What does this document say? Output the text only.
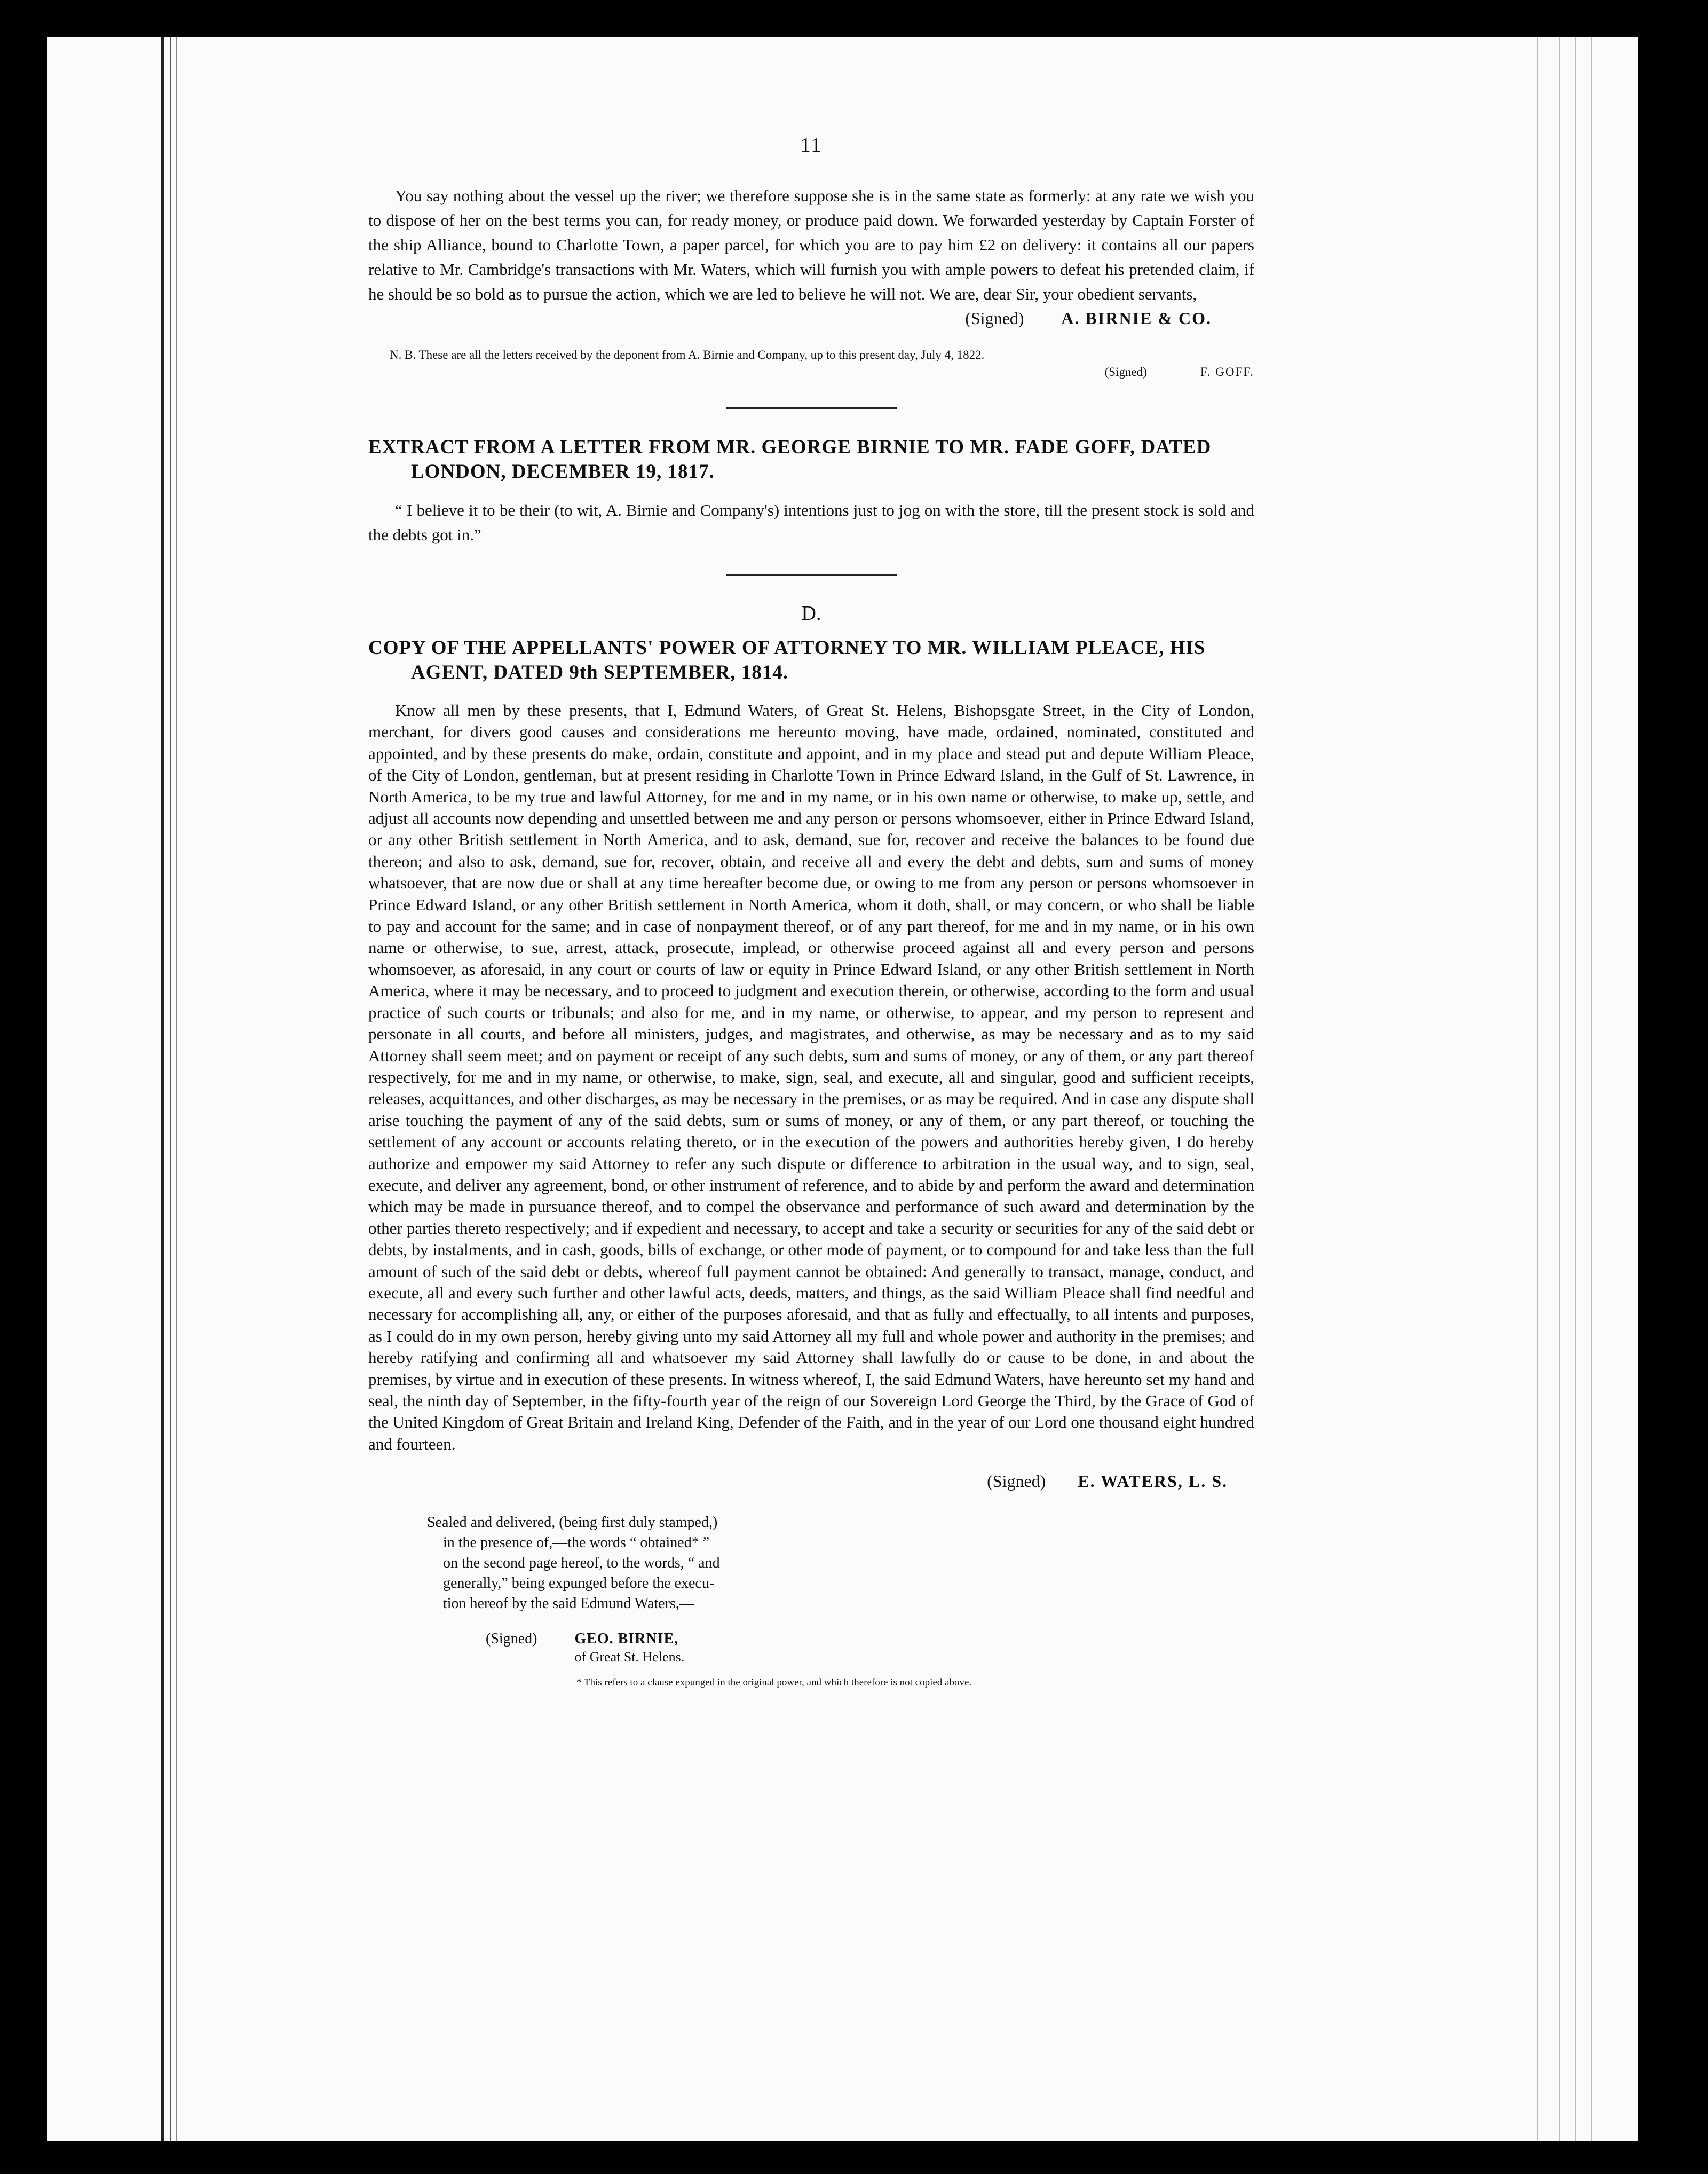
11

You say nothing about the vessel up the river; we therefore suppose she is in the same state as formerly: at any rate we wish you to dispose of her on the best terms you can, for ready money, or produce paid down. We forwarded yesterday by Captain Forster of the ship Alliance, bound to Charlotte Town, a paper parcel, for which you are to pay him £2 on delivery: it contains all our papers relative to Mr. Cambridge's transactions with Mr. Waters, which will furnish you with ample powers to defeat his pretended claim, if he should be so bold as to pursue the action, which we are led to believe he will not. We are, dear Sir, your obedient servants,

(Signed) A. BIRNIE & CO.
N. B. These are all the letters received by the deponent from A. Birnie and Company, up to this present day, July 4, 1822.
(Signed)	F. GOFF.
EXTRACT FROM A LETTER FROM MR. GEORGE BIRNIE TO MR. FADE GOFF, DATED
LONDON, DECEMBER 19, 1817.

“ I believe it to be their (to wit, A. Birnie and Company's) intentions just to jog on with the store, till the present stock is sold and the debts got in.”

D.
COPY OF THE APPELLANTS' POWER OF ATTORNEY TO MR. WILLIAM PLEACE, HIS
AGENT, DATED 9th SEPTEMBER, 1814.

Know all men by these presents, that I, Edmund Waters, of Great St. Helens, Bishopsgate Street, in the City of London, merchant, for divers good causes and considerations me hereunto moving, have made, ordained, nominated, constituted and appointed, and by these presents do make, ordain, constitute and appoint, and in my place and stead put and depute William Pleace, of the City of London, gentleman, but at present residing in Charlotte Town in Prince Edward Island, in the Gulf of St. Lawrence, in North America, to be my true and lawful Attorney, for me and in my name, or in his own name or otherwise, to make up, settle, and adjust all accounts now depending and unsettled between me and any person or persons whomsoever, either in Prince Edward Island, or any other British settlement in North America, and to ask, demand, sue for, recover and receive the balances to be found due thereon; and also to ask, demand, sue for, recover, obtain, and receive all and every the debt and debts, sum and sums of money whatsoever, that are now due or shall at any time hereafter become due, or owing to me from any person or persons whomsoever in Prince Edward Island, or any other British settlement in North America, whom it doth, shall, or may concern, or who shall be liable to pay and account for the same; and in case of nonpayment thereof, or of any part thereof, for me and in my name, or in his own name or otherwise, to sue, arrest, attack, prosecute, implead, or otherwise proceed against all and every person and persons whomsoever, as aforesaid, in any court or courts of law or equity in Prince Edward Island, or any other British settlement in North America, where it may be necessary, and to proceed to judgment and execution therein, or otherwise, according to the form and usual practice of such courts or tribunals; and also for me, and in my name, or otherwise, to appear, and my person to represent and personate in all courts, and before all ministers, judges, and magistrates, and otherwise, as may be necessary and as to my said Attorney shall seem meet; and on payment or receipt of any such debts, sum and sums of money, or any of them, or any part thereof respectively, for me and in my name, or otherwise, to make, sign, seal, and execute, all and singular, good and sufficient receipts, releases, acquittances, and other discharges, as may be necessary in the premises, or as may be required. And in case any dispute shall arise touching the payment of any of the said debts, sum or sums of money, or any of them, or any part thereof, or touching the settlement of any account or accounts relating thereto, or in the execution of the powers and authorities hereby given, I do hereby authorize and empower my said Attorney to refer any such dispute or difference to arbitration in the usual way, and to sign, seal, execute, and deliver any agreement, bond, or other instrument of reference, and to abide by and perform the award and determination which may be made in pursuance thereof, and to compel the observance and performance of such award and determination by the other parties thereto respectively; and if expedient and necessary, to accept and take a security or securities for any of the said debt or debts, by instalments, and in cash, goods, bills of exchange, or other mode of payment, or to compound for and take less than the full amount of such of the said debt or debts, whereof full payment cannot be obtained: And generally to transact, manage, conduct, and execute, all and every such further and other lawful acts, deeds, matters, and things, as the said William Pleace shall find needful and necessary for accomplishing all, any, or either of the purposes aforesaid, and that as fully and effectually, to all intents and purposes, as I could do in my own person, hereby giving unto my said Attorney all my full and whole power and authority in the premises; and hereby ratifying and confirming all and whatsoever my said Attorney shall lawfully do or cause to be done, in and about the premises, by virtue and in execution of these presents. In witness whereof, I, the said Edmund Waters, have hereunto set my hand and seal, the ninth day of September, in the fifty-fourth year of the reign of our Sovereign Lord George the Third, by the Grace of God of the United Kingdom of Great Britain and Ireland King, Defender of the Faith, and in the year of our Lord one thousand eight hundred and fourteen.

(Signed) E. WATERS, L. S.
Sealed and delivered, (being first duly stamped,)
in the presence of,—the words “ obtained* ”
on the second page hereof, to the words, “ and
generally,” being expunged before the execu-
tion hereof by the said Edmund Waters,—
(Signed)	GEO. BIRNIE,
of Great St. Helens.
* This refers to a clause expunged in the original power, and which therefore is not copied above.
